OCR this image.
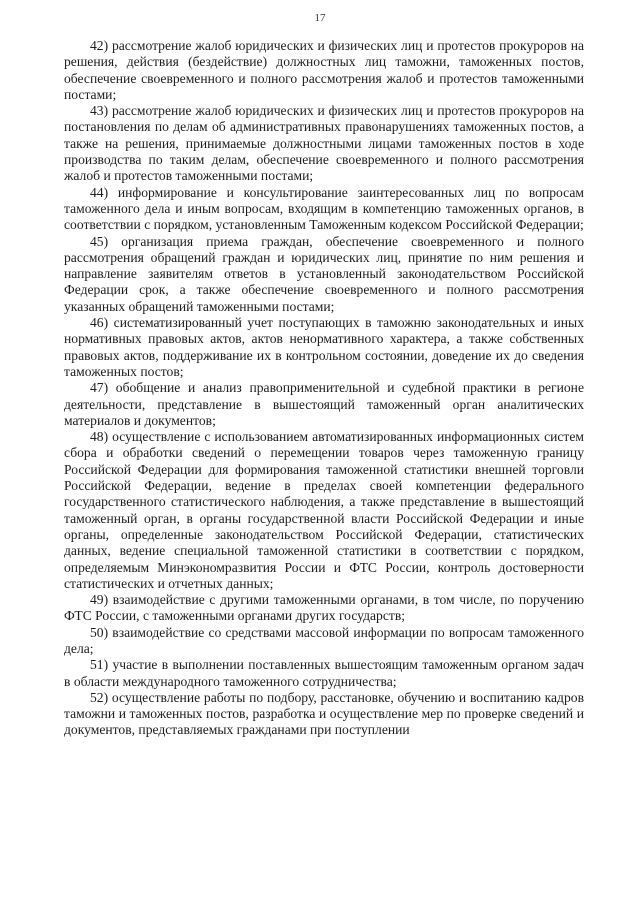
17

42) рассмотрение жалоб юридических и физических лиц и протестов прокуроров на решения, действия (бездействие) должностных лиц таможни, таможенных постов, обеспечение своевременного и полного рассмотрения жалоб и протестов таможенными постами;

43) рассмотрение жалоб юридических и физических лиц и протестов прокуроров на постановления по делам об административных правонарушениях таможенных постов, а также на решения, принимаемые должностными лицами таможенных постов в ходе производства по таким делам, обеспечение своевременного и полного рассмотрения жалоб и протестов таможенными постами;

44) информирование и консультирование заинтересованных лиц по вопросам таможенного дела и иным вопросам, входящим в компетенцию таможенных органов, в соответствии с порядком, установленным Таможенным кодексом Российской Федерации;

45) организация приема граждан, обеспечение своевременного и полного рассмотрения обращений граждан и юридических лиц, принятие по ним решения и направление заявителям ответов в установленный законодательством Российской Федерации срок, а также обеспечение своевременного и полного рассмотрения указанных обращений таможенными постами;

46) систематизированный учет поступающих в таможню законодательных и иных нормативных правовых актов, актов ненормативного характера, а также собственных правовых актов, поддерживание их в контрольном состоянии, доведение их до сведения таможенных постов;

47) обобщение и анализ правоприменительной и судебной практики в регионе деятельности, представление в вышестоящий таможенный орган аналитических материалов и документов;

48) осуществление с использованием автоматизированных информационных систем сбора и обработки сведений о перемещении товаров через таможенную границу Российской Федерации для формирования таможенной статистики внешней торговли Российской Федерации, ведение в пределах своей компетенции федерального государственного статистического наблюдения, а также представление в вышестоящий таможенный орган, в органы государственной власти Российской Федерации и иные органы, определенные законодательством Российской Федерации, статистических данных, ведение специальной таможенной статистики в соответствии с порядком, определяемым Минэкономразвития России и ФТС России, контроль достоверности статистических и отчетных данных;

49) взаимодействие с другими таможенными органами, в том числе, по поручению ФТС России, с таможенными органами других государств;

50) взаимодействие со средствами массовой информации по вопросам таможенного дела;

51) участие в выполнении поставленных вышестоящим таможенным органом задач в области международного таможенного сотрудничества;

52) осуществление работы по подбору, расстановке, обучению и воспитанию кадров таможни и таможенных постов, разработка и осуществление мер по проверке сведений и документов, представляемых гражданами при поступлении
